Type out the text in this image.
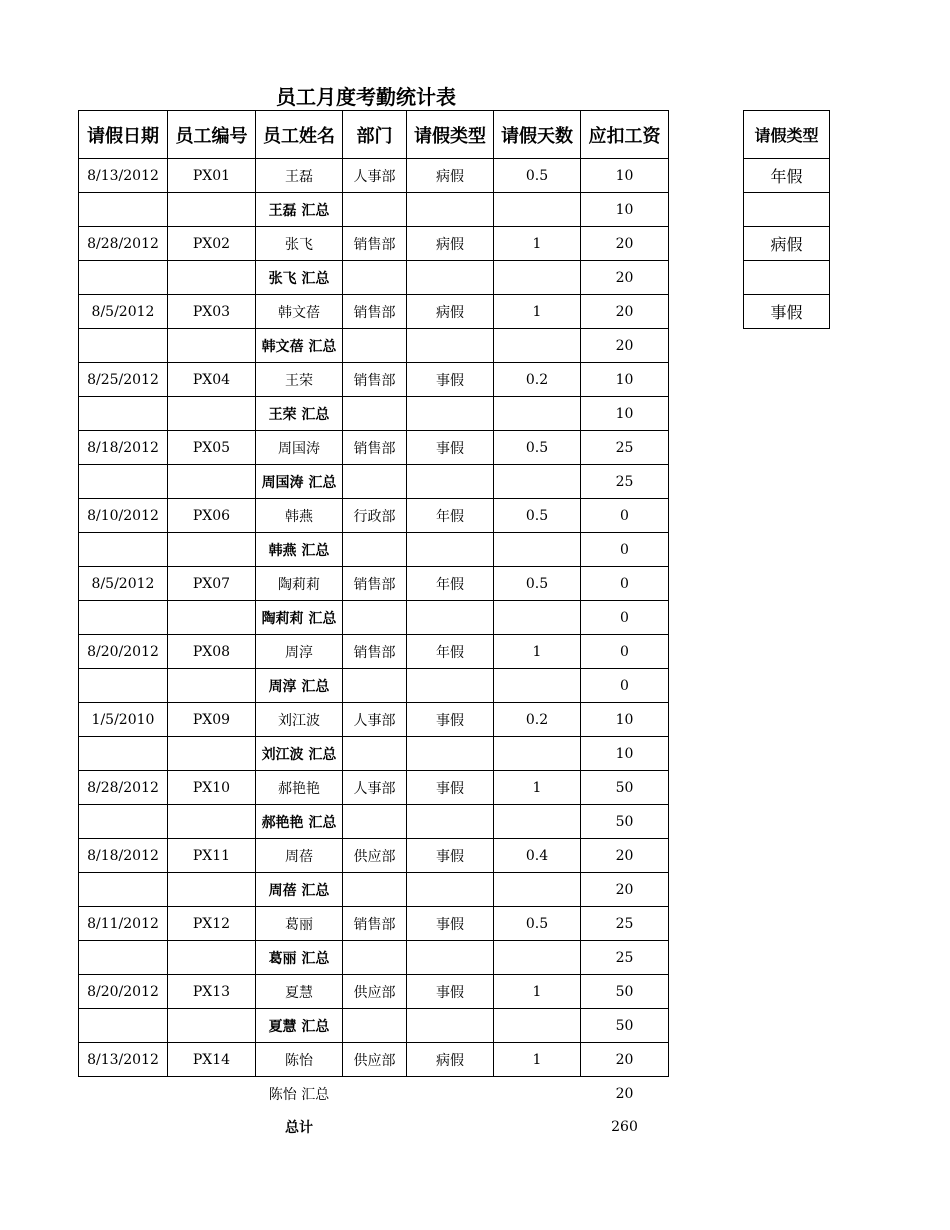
员工月度考勤统计表
请假日期	员工编号	员工姓名	部门	请假类型	请假天数	应扣工资
8/13/2012	PX01	王磊	人事部	病假	0.5	10
		王磊 汇总				10
8/28/2012	PX02	张飞	销售部	病假	1	20
		张飞 汇总				20
8/5/2012	PX03	韩文蓓	销售部	病假	1	20
		韩文蓓 汇总				20
8/25/2012	PX04	王荣	销售部	事假	0.2	10
		王荣 汇总				10
8/18/2012	PX05	周国涛	销售部	事假	0.5	25
		周国涛 汇总				25
8/10/2012	PX06	韩燕	行政部	年假	0.5	0
		韩燕 汇总				0
8/5/2012	PX07	陶莉莉	销售部	年假	0.5	0
		陶莉莉 汇总				0
8/20/2012	PX08	周淳	销售部	年假	1	0
		周淳 汇总				0
1/5/2010	PX09	刘江波	人事部	事假	0.2	10
		刘江波 汇总				10
8/28/2012	PX10	郝艳艳	人事部	事假	1	50
		郝艳艳 汇总				50
8/18/2012	PX11	周蓓	供应部	事假	0.4	20
		周蓓 汇总				20
8/11/2012	PX12	葛丽	销售部	事假	0.5	25
		葛丽 汇总				25
8/20/2012	PX13	夏慧	供应部	事假	1	50
		夏慧 汇总				50
8/13/2012	PX14	陈怡	供应部	病假	1	20
		陈怡 汇总				20
		总计				260
请假类型
年假

病假

事假
